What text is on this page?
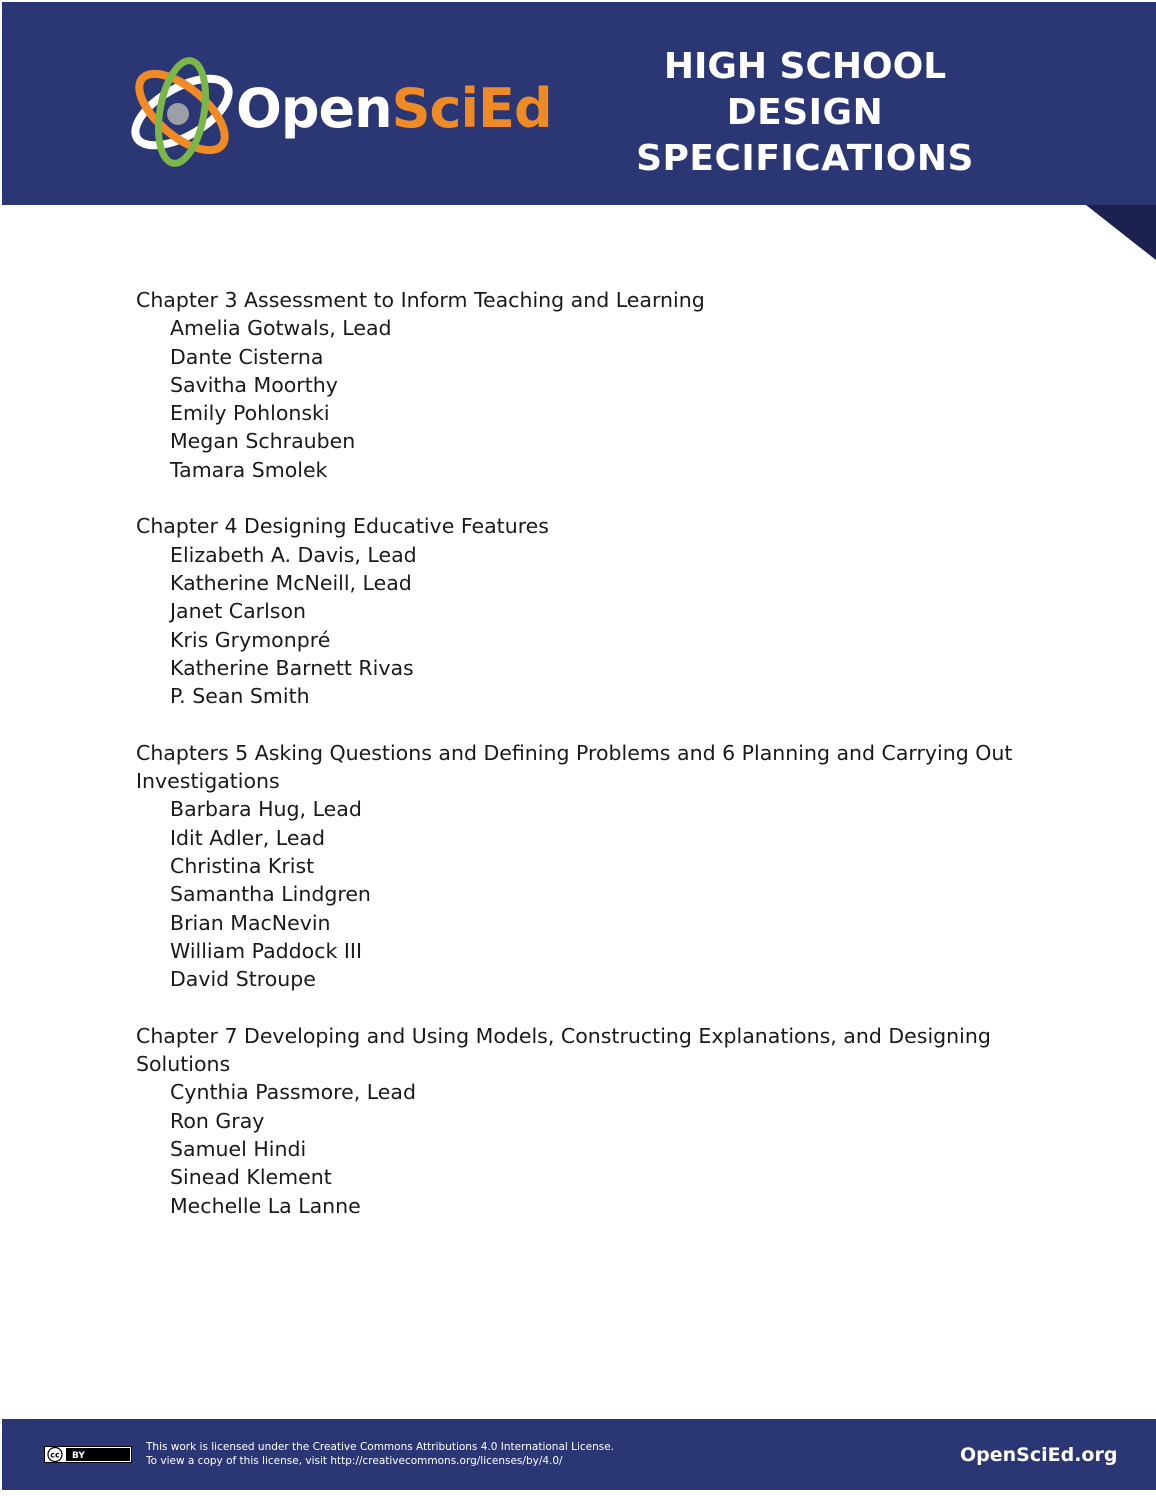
OpenSciEd
HIGH SCHOOL
DESIGN SPECIFICATIONS
Chapter 3 Assessment to Inform Teaching and Learning
Amelia Gotwals, Lead
Dante Cisterna
Savitha Moorthy
Emily Pohlonski
Megan Schrauben
Tamara Smolek
Chapter 4 Designing Educative Features
Elizabeth A. Davis, Lead
Katherine McNeill, Lead
Janet Carlson
Kris Grymonpré
Katherine Barnett Rivas
P. Sean Smith
Chapters 5 Asking Questions and Defining Problems and 6 Planning and Carrying Out
Investigations
Barbara Hug, Lead
Idit Adler, Lead
Christina Krist
Samantha Lindgren
Brian MacNevin
William Paddock III
David Stroupe
Chapter 7 Developing and Using Models, Constructing Explanations, and Designing
Solutions
Cynthia Passmore, Lead
Ron Gray
Samuel Hindi
Sinead Klement
Mechelle La Lanne
cc BY
This work is licensed under the Creative Commons Attributions 4.0 International License.
To view a copy of this license, visit http://creativecommons.org/licenses/by/4.0/	OpenSciEd.org
